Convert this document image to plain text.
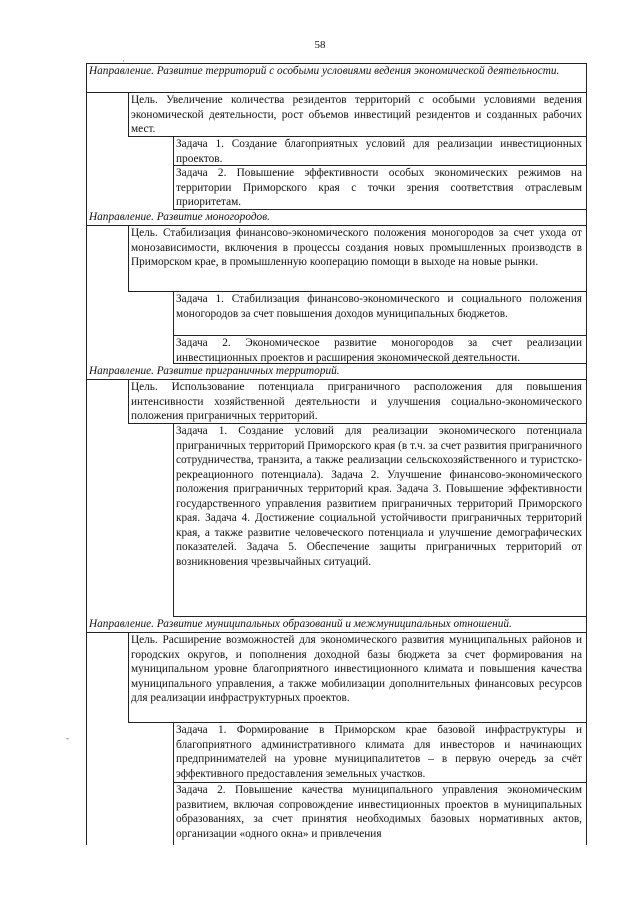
58
Направление. Развитие территорий с особыми условиями ведения экономической деятельности.
Цель. Увеличение количества резидентов территорий с особыми условиями ведения экономической деятельности, рост объемов инвестиций резидентов и созданных рабочих мест.
Задача 1. Создание благоприятных условий для реализации инвестиционных проектов.
Задача 2. Повышение эффективности особых экономических режимов на территории Приморского края с точки зрения соответствия отраслевым приоритетам.
Направление. Развитие моногородов.
Цель. Стабилизация финансово-экономического положения моногородов за счет ухода от монозависимости, включения в процессы создания новых промышленных производств в Приморском крае, в промышленную кооперацию помощи в выходе на новые рынки.
Задача 1. Стабилизация финансово-экономического и социального положения моногородов за счет повышения доходов муниципальных бюджетов.
Задача 2. Экономическое развитие моногородов за счет реализации инвестиционных проектов и расширения экономической деятельности.
Направление. Развитие приграничных территорий.
Цель. Использование потенциала приграничного расположения для повышения интенсивности хозяйственной деятельности и улучшения социально-экономического положения приграничных территорий.
Задача 1. Создание условий для реализации экономического потенциала приграничных территорий Приморского края (в т.ч. за счет развития приграничного сотрудничества, транзита, а также реализации сельскохозяйственного и туристско-рекреационного потенциала). Задача 2. Улучшение финансово-экономического положения приграничных территорий края. Задача 3. Повышение эффективности государственного управления развитием приграничных территорий Приморского края. Задача 4. Достижение социальной устойчивости приграничных территорий края, а также развитие человеческого потенциала и улучшение демографических показателей. Задача 5. Обеспечение защиты приграничных территорий от возникновения чрезвычайных ситуаций.
Направление. Развитие муниципальных образований и межмуниципальных отношений.
Цель. Расширение возможностей для экономического развития муниципальных районов и городских округов, и пополнения доходной базы бюджета за счет формирования на муниципальном уровне благоприятного инвестиционного климата и повышения качества муниципального управления, а также мобилизации дополнительных финансовых ресурсов для реализации инфраструктурных проектов.
Задача 1. Формирование в Приморском крае базовой инфраструктуры и благоприятного административного климата для инвесторов и начинающих предпринимателей на уровне муниципалитетов – в первую очередь за счёт эффективного предоставления земельных участков.
Задача 2. Повышение качества муниципального управления экономическим развитием, включая сопровождение инвестиционных проектов в муниципальных образованиях, за счет принятия необходимых базовых нормативных актов, организации «одного окна» и привлечения
·
-
